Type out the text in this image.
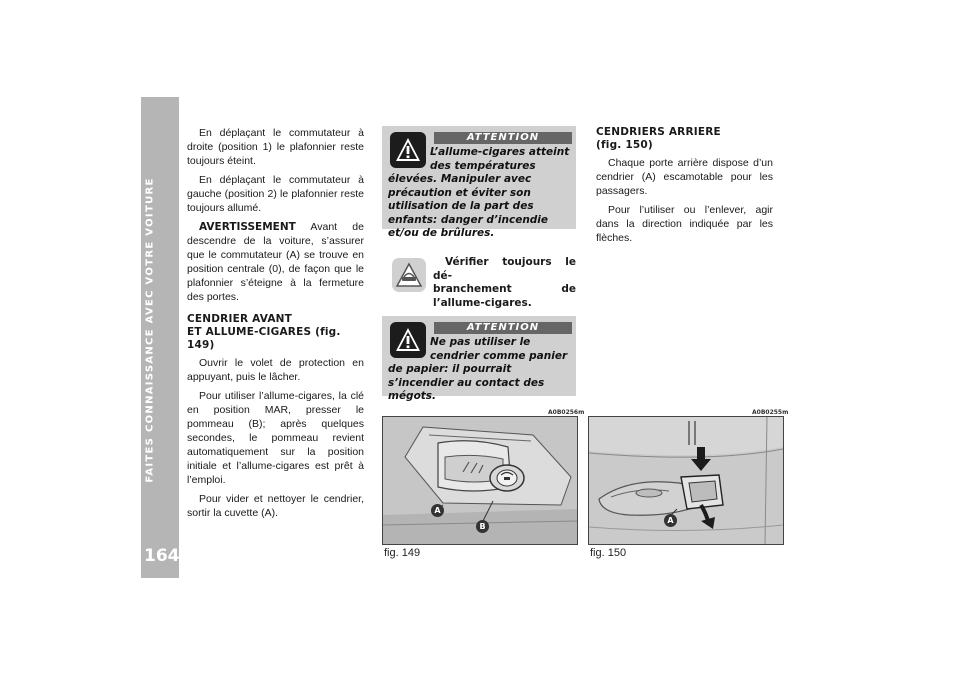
FAITES CONNAISSANCE AVEC VOTRE VOITURE
164

En déplaçant le commutateur à droite (position 1) le plafonnier reste toujours éteint.

En déplaçant le commutateur à gauche (position 2) le plafonnier reste toujours allumé.

AVERTISSEMENT Avant de descendre de la voiture, s’assurer que le commutateur (A) se trouve en position centrale (0), de façon que le plafonnier s’éteigne à la fermeture des portes.

CENDRIER AVANT
ET ALLUME-CIGARES (fig. 149)

Ouvrir le volet de protection en appuyant, puis le lâcher.

Pour utiliser l’allume-cigares, la clé en position MAR, presser le pommeau (B); après quelques secondes, le pommeau revient automatiquement sur la position initiale et l’allume-cigares est prêt à l’emploi.

Pour vider et nettoyer le cendrier, sortir la cuvette (A).

ATTENTION
L’allume-cigares atteint des températures élevées. Manipuler avec précaution et éviter son utilisation de la part des enfants: danger d’incendie et/ou de brûlures.
Vérifier toujours le dé-
branchement de l’allume-cigares.
ATTENTION
Ne pas utiliser le cendrier comme panier de papier: il pourrait s’incendier au contact des mégots.
CENDRIERS ARRIERE
(fig. 150)

Chaque porte arrière dispose d’un cendrier (A) escamotable pour les passagers.

Pour l’utiliser ou l’enlever, agir dans la direction indiquée par les flèches.

A0B0256m
A
B
fig. 149
A0B0255m
A
fig. 150
